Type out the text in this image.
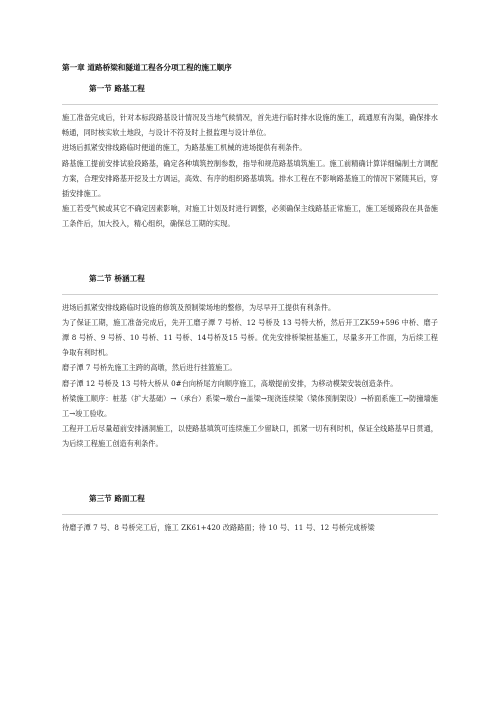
第一章 道路桥梁和隧道工程各分项工程的施工顺序
第一节 路基工程

施工准备完成后，针对本标段路基设计情况及当地气候情况，首先进行临时排水设施的施工，疏通原有沟渠，确保排水畅通，同时核实软土地段，与设计不符及时上报监理与设计单位。

进场后抓紧安排线路临时便道的施工，为路基施工机械的进场提供有利条件。

路基施工提前安排试验段路基，确定各种填筑控制参数，指导和规范路基填筑施工。施工前精确计算详细编制土方调配方案，合理安排路基开挖及土方调运，高效、有序的组织路基填筑。排水工程在不影响路基施工的情况下紧随其后，穿插安排施工。

施工若受气候或其它不确定因素影响，对施工计划及时进行调整，必须确保主线路基正常施工，施工延缓路段在具备施工条件后，加大投入，精心组织，确保总工期的实现。

第二节 桥涵工程

进场后抓紧安排线路临时设施的修筑及预制梁场地的整修，为尽早开工提供有利条件。

为了保证工期，施工准备完成后，先开工磨子潭 7 号桥、12 号桥及 13 号特大桥，然后开工ZK59+596 中桥、磨子潭 8 号桥、9 号桥、10 号桥、11 号桥、14号桥及15 号桥。优先安排桥梁桩基施工，尽量多开工作面，为后续工程争取有利时机。

磨子潭 7 号桥先施工主跨的高墩，然后进行挂篮施工。

磨子潭 12 号桥及 13 号特大桥从 0#台向桥尾方向顺序施工，高墩提前安排，为移动模架安装创造条件。

桥梁施工顺序：桩基（扩大基础）→（承台）系梁→墩台→盖梁→现浇连续梁（梁体预制架设）→桥面系施工→防撞墙施工→竣工验收。

工程开工后尽量超前安排涵洞施工，以使路基填筑可连续施工少留缺口，抓紧一切有利时机，保证全线路基早日贯通，为后续工程施工创造有利条件。

第三节 路面工程

待磨子潭 7 号、8 号桥完工后，施工 ZK61+420 改路路面；待 10 号、11 号、12 号桥完成桥梁
